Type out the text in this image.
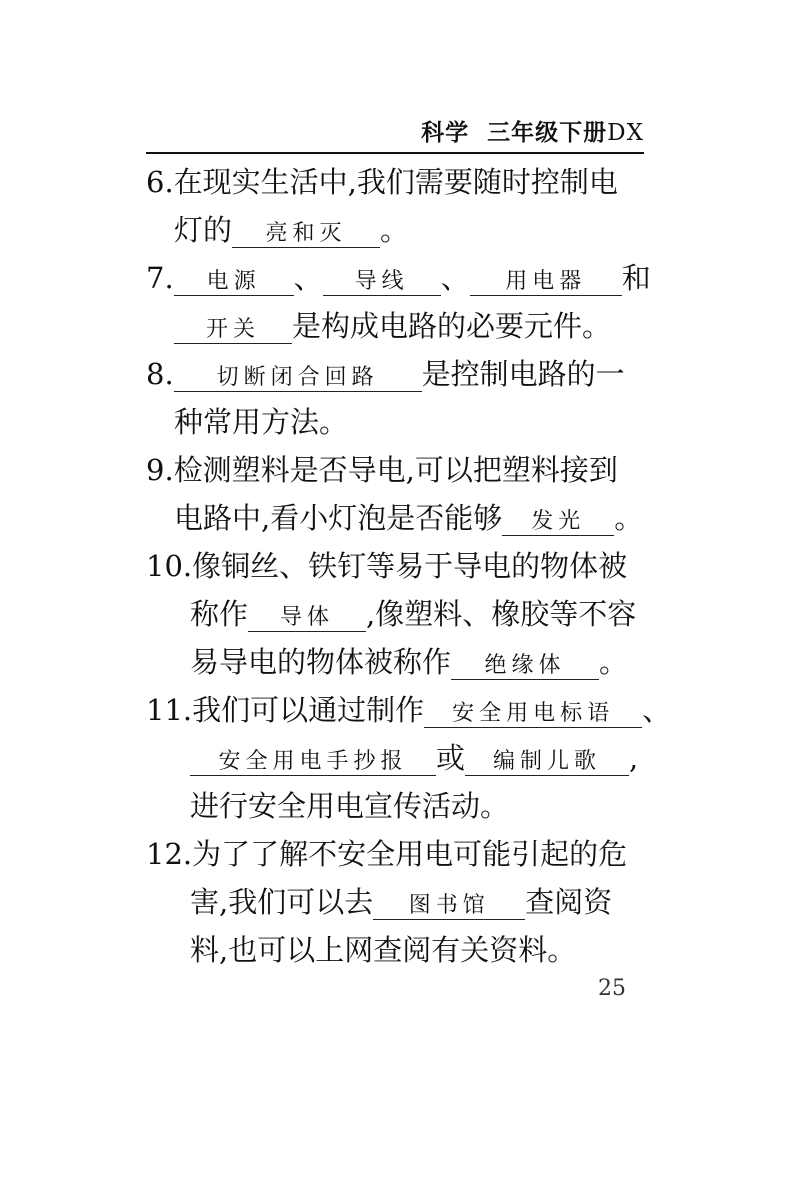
科学 三年级下册DX
6.在现实生活中,我们需要随时控制电
灯的 亮和灭 。
7. 电源 、 导线 、 用电器 和
开关 是构成电路的必要元件。
8. 切断闭合回路 是控制电路的一
种常用方法。
9.检测塑料是否导电,可以把塑料接到
电路中,看小灯泡是否能够 发光 。
10.像铜丝、铁钉等易于导电的物体被
称作 导体 ,像塑料、橡胶等不容
易导电的物体被称作 绝缘体 。
11.我们可以通过制作 安全用电标语 、
安全用电手抄报 或 编制儿歌 ,
进行安全用电宣传活动。
12.为了了解不安全用电可能引起的危
害,我们可以去 图书馆 查阅资
料,也可以上网查阅有关资料。
25
